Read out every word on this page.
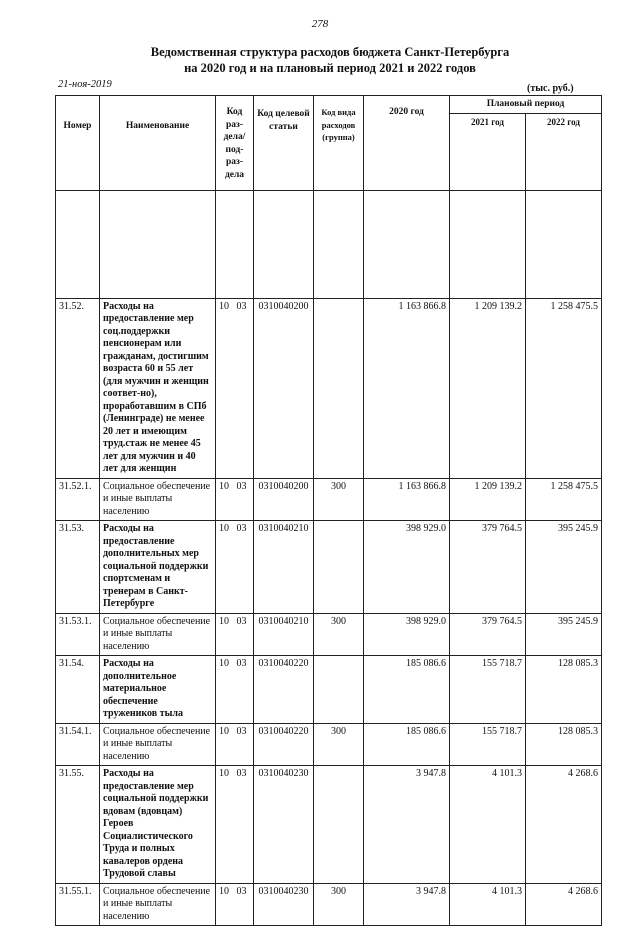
278
Ведомственная структура расходов бюджета Санкт-Петербурга
на 2020 год и на плановый период 2021 и 2022 годов
21-ноя-2019	(тыс. руб.)
Номер	Наименование	Код раз- дела/ под- раз- дела	Код целевой статьи	Код вида расходов (группа)	2020 год	Плановый период	
						2021 год	2022 год

31.52.	Расходы на предоставление мер соц.поддержки пенсионерам или гражданам, достигшим возраста 60 и 55 лет (для мужчин и женщин соответ-но), проработавшим в СПб (Ленинграде) не менее 20 лет и имеющим труд.стаж не менее 45 лет для мужчин и 40 лет для женщин	10 03	0310040200		1 163 866.8	1 209 139.2	1 258 475.5
31.52.1.	Социальное обеспечение и иные выплаты населению	10 03	0310040200	300	1 163 866.8	1 209 139.2	1 258 475.5
31.53.	Расходы на предоставление дополнительных мер социальной поддержки спортсменам и тренерам в Санкт-Петербурге	10 03	0310040210		398 929.0	379 764.5	395 245.9
31.53.1.	Социальное обеспечение и иные выплаты населению	10 03	0310040210	300	398 929.0	379 764.5	395 245.9
31.54.	Расходы на дополнительное материальное обеспечение тружеников тыла	10 03	0310040220		185 086.6	155 718.7	128 085.3
31.54.1.	Социальное обеспечение и иные выплаты населению	10 03	0310040220	300	185 086.6	155 718.7	128 085.3
31.55.	Расходы на предоставление мер социальной поддержки вдовам (вдовцам) Героев Социалистического Труда и полных кавалеров ордена Трудовой славы	10 03	0310040230		3 947.8	4 101.3	4 268.6
31.55.1.	Социальное обеспечение и иные выплаты населению	10 03	0310040230	300	3 947.8	4 101.3	4 268.6
